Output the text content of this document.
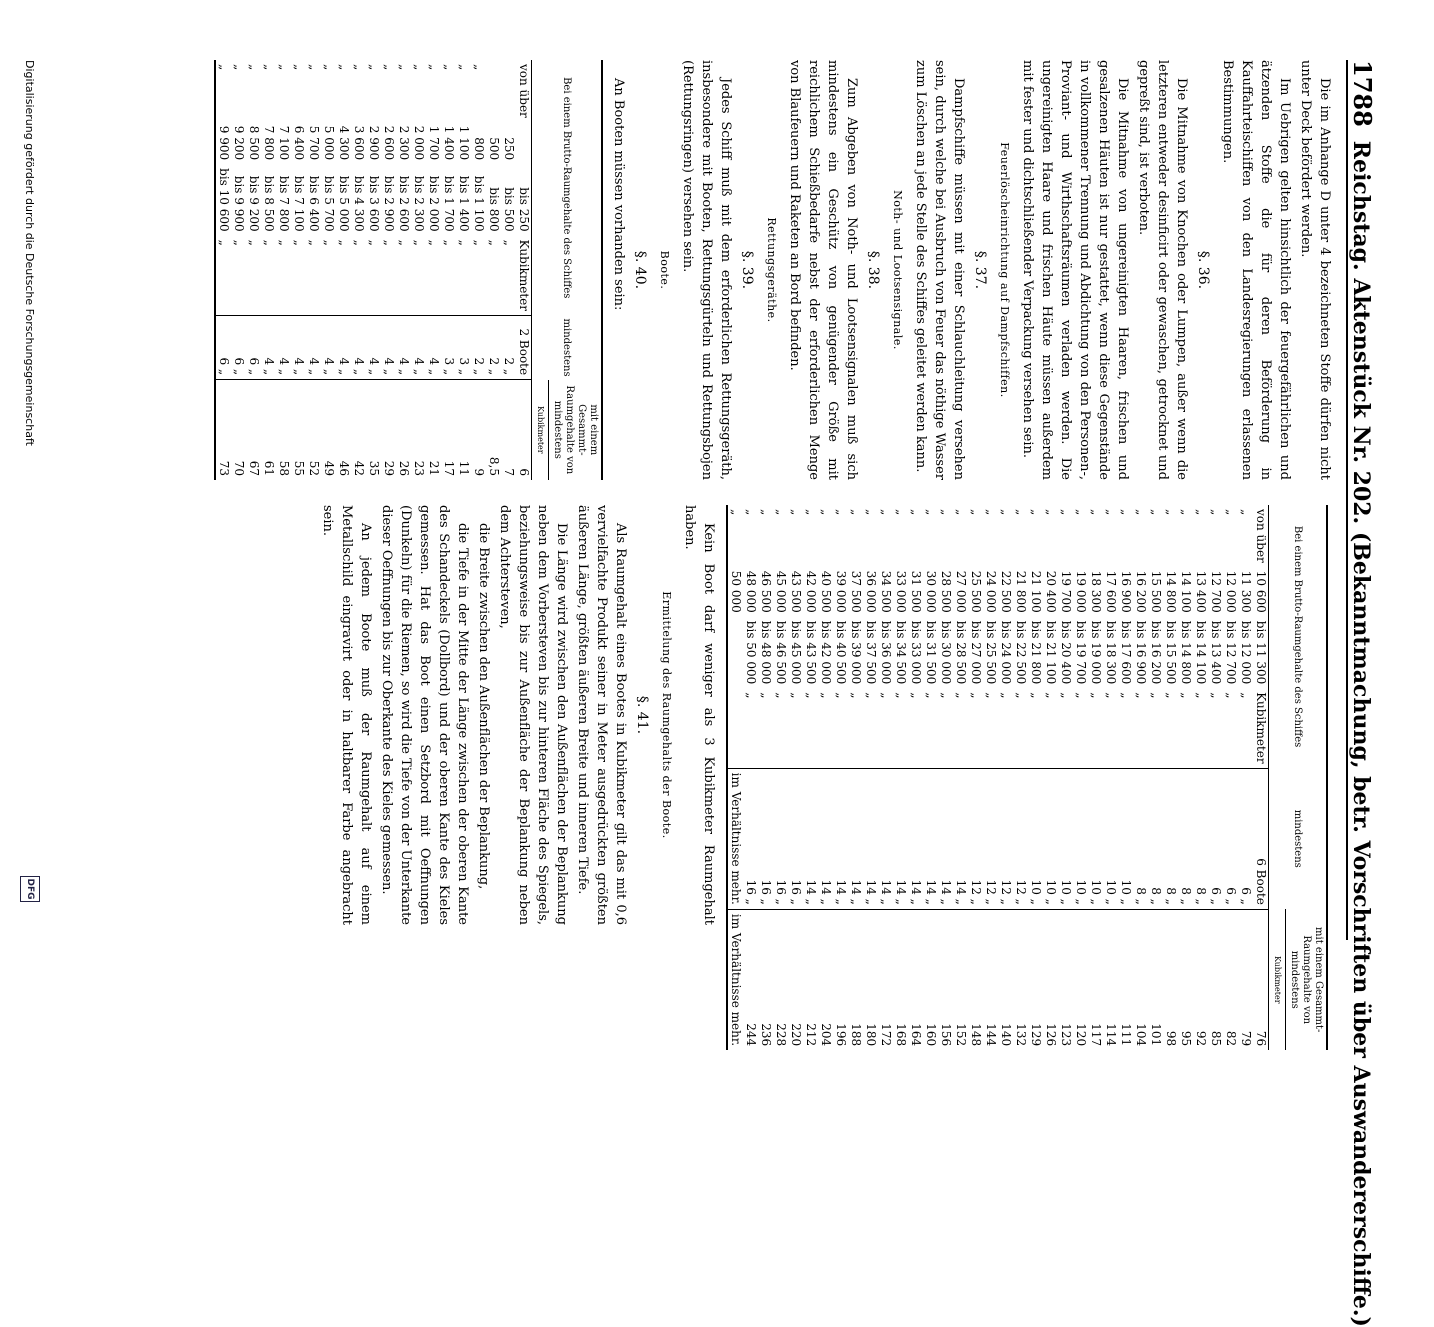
1788
Reichstag. Aktenstück Nr. 202. (Bekanntmachung, betr. Vorschriften über Auswandererschiffe.)

Die im Anhange D unter 4 bezeichneten Stoffe dürfen nicht unter Deck befördert werden.

Im Uebrigen gelten hinsichtlich der feuergefährlichen und ätzenden Stoffe die für deren Beförderung in Kauffahrteischiffen von den Landesregierungen erlassenen Bestimmungen.

§. 36.

Die Mitnahme von Knochen oder Lumpen, außer wenn die letzteren entweder desinficirt oder gewaschen, getrocknet und gepreßt sind, ist verboten.

Die Mitnahme von ungereinigten Haaren, frischen und gesalzenen Häuten ist nur gestattet, wenn diese Gegenstände in vollkommener Trennung und Abdichtung von den Personen-, Proviant- und Wirthschaftsräumen verladen werden. Die ungereinigten Haare und frischen Häute müssen außerdem mit fester und dichtschließender Verpackung versehen sein.

Feuerlöscheinrichtung auf Dampfschiffen.
§. 37.

Dampfschiffe müssen mit einer Schlauchleitung versehen sein, durch welche bei Ausbruch von Feuer das nöthige Wasser zum Löschen an jede Stelle des Schiffes geleitet werden kann.

Noth- und Lootsensignale.
§. 38.

Zum Abgeben von Noth- und Lootsensignalen muß sich mindestens ein Geschütz von genügender Größe mit reichlichem Schießbedarfe nebst der erforderlichen Menge von Blaufeuern und Raketen an Bord befinden.

Rettungsgeräthe.
§. 39.

Jedes Schiff muß mit dem erforderlichen Rettungsgeräth, insbesondere mit Booten, Rettungsgürteln und Rettungsbojen (Rettungsringen) versehen sein.

Boote.
§. 40.

An Booten müssen vorhanden sein:

Bei einem Brutto-Raumgehalte des Schiffes				mindestens	mit einem Gesammt-Raumgehalte von mindestens
					Kubikmeter
von über		bis 250	Kubikmeter	2 Boote	6
	250	bis 500	„	2 „	7
	500	bis 800	„	2 „	8,5
„	800	bis 1 100	„	2 „	9
„	1 100	bis 1 400	„	3 „	11
„	1 400	bis 1 700	„	3 „	17
„	1 700	bis 2 000	„	4 „	21
„	2 000	bis 2 300	„	4 „	23
„	2 300	bis 2 600	„	4 „	26
„	2 600	bis 2 900	„	4 „	29
„	2 900	bis 3 600	„	4 „	35
„	3 600	bis 4 300	„	4 „	42
„	4 300	bis 5 000	„	4 „	46
„	5 000	bis 5 700	„	4 „	49
„	5 700	bis 6 400	„	4 „	52
„	6 400	bis 7 100	„	4 „	55
„	7 100	bis 7 800	„	4 „	58
„	7 800	bis 8 500	„	4 „	61
„	8 500	bis 9 200	„	6 „	67
„	9 200	bis 9 900	„	6 „	70
„	9 900	bis 10 600	„	6 „	73
Bei einem Brutto-Raumgehalte des Schiffes				mindestens	mit einem Gesammt-Raumgehalte von mindestens
					Kubikmeter
von über	10 600	bis 11 300	Kubikmeter	6 Boote	76
„	11 300	bis 12 000	„	6 „	79
„	12 000	bis 12 700	„	6 „	82
„	12 700	bis 13 400	„	6 „	85
„	13 400	bis 14 100	„	8 „	92
„	14 100	bis 14 800	„	8 „	95
„	14 800	bis 15 500	„	8 „	98
„	15 500	bis 16 200	„	8 „	101
„	16 200	bis 16 900	„	8 „	104
„	16 900	bis 17 600	„	10 „	111
„	17 600	bis 18 300	„	10 „	114
„	18 300	bis 19 000	„	10 „	117
„	19 000	bis 19 700	„	10 „	120
„	19 700	bis 20 400	„	10 „	123
„	20 400	bis 21 100	„	10 „	126
„	21 100	bis 21 800	„	10 „	129
„	21 800	bis 22 500	„	12 „	132
„	22 500	bis 24 000	„	12 „	140
„	24 000	bis 25 500	„	12 „	144
„	25 500	bis 27 000	„	12 „	148
„	27 000	bis 28 500	„	14 „	152
„	28 500	bis 30 000	„	14 „	156
„	30 000	bis 31 500	„	14 „	160
„	31 500	bis 33 000	„	14 „	164
„	33 000	bis 34 500	„	14 „	168
„	34 500	bis 36 000	„	14 „	172
„	36 000	bis 37 500	„	14 „	180
„	37 500	bis 39 000	„	14 „	188
„	39 000	bis 40 500	„	14 „	196
„	40 500	bis 42 000	„	14 „	204
„	42 000	bis 43 500	„	14 „	212
„	43 500	bis 45 000	„	16 „	220
„	45 000	bis 46 500	„	16 „	228
„	46 500	bis 48 000	„	16 „	236
„	48 000	bis 50 000	„	16 „	244
„	50 000			im Verhältnisse mehr.	im Verhältnisse mehr.

Kein Boot darf weniger als 3 Kubikmeter Raumgehalt haben.

Ermittelung des Raumgehalts der Boote.
§. 41.

Als Raumgehalt eines Bootes in Kubikmeter gilt das mit 0,6 vervielfachte Produkt seiner in Meter ausgedrückten größten äußeren Länge, größten äußeren Breite und inneren Tiefe.

Die Länge wird zwischen den Außenflächen der Beplankung neben dem Vorbersteven bis zur hinteren Fläche des Spiegels, beziehungsweise bis zur Außenfläche der Beplankung neben dem Achtersteven,

die Breite zwischen den Außenflächen der Beplankung,

die Tiefe in der Mitte der Länge zwischen der oberen Kante des Schandeckels (Dollbord) und der oberen Kante des Kieles gemessen. Hat das Boot einen Setzbord mit Oeffnungen (Dunkeln) für die Riemen, so wird die Tiefe von der Unterkante dieser Oeffnungen bis zur Oberkante des Kieles gemessen.

An jedem Boote muß der Raumgehalt auf einem Metallschild eingravirt oder in haltbarer Farbe angebracht sein.

Digitalisierung gefördert durch die Deutsche Forschungsgemeinschaft
DFG
